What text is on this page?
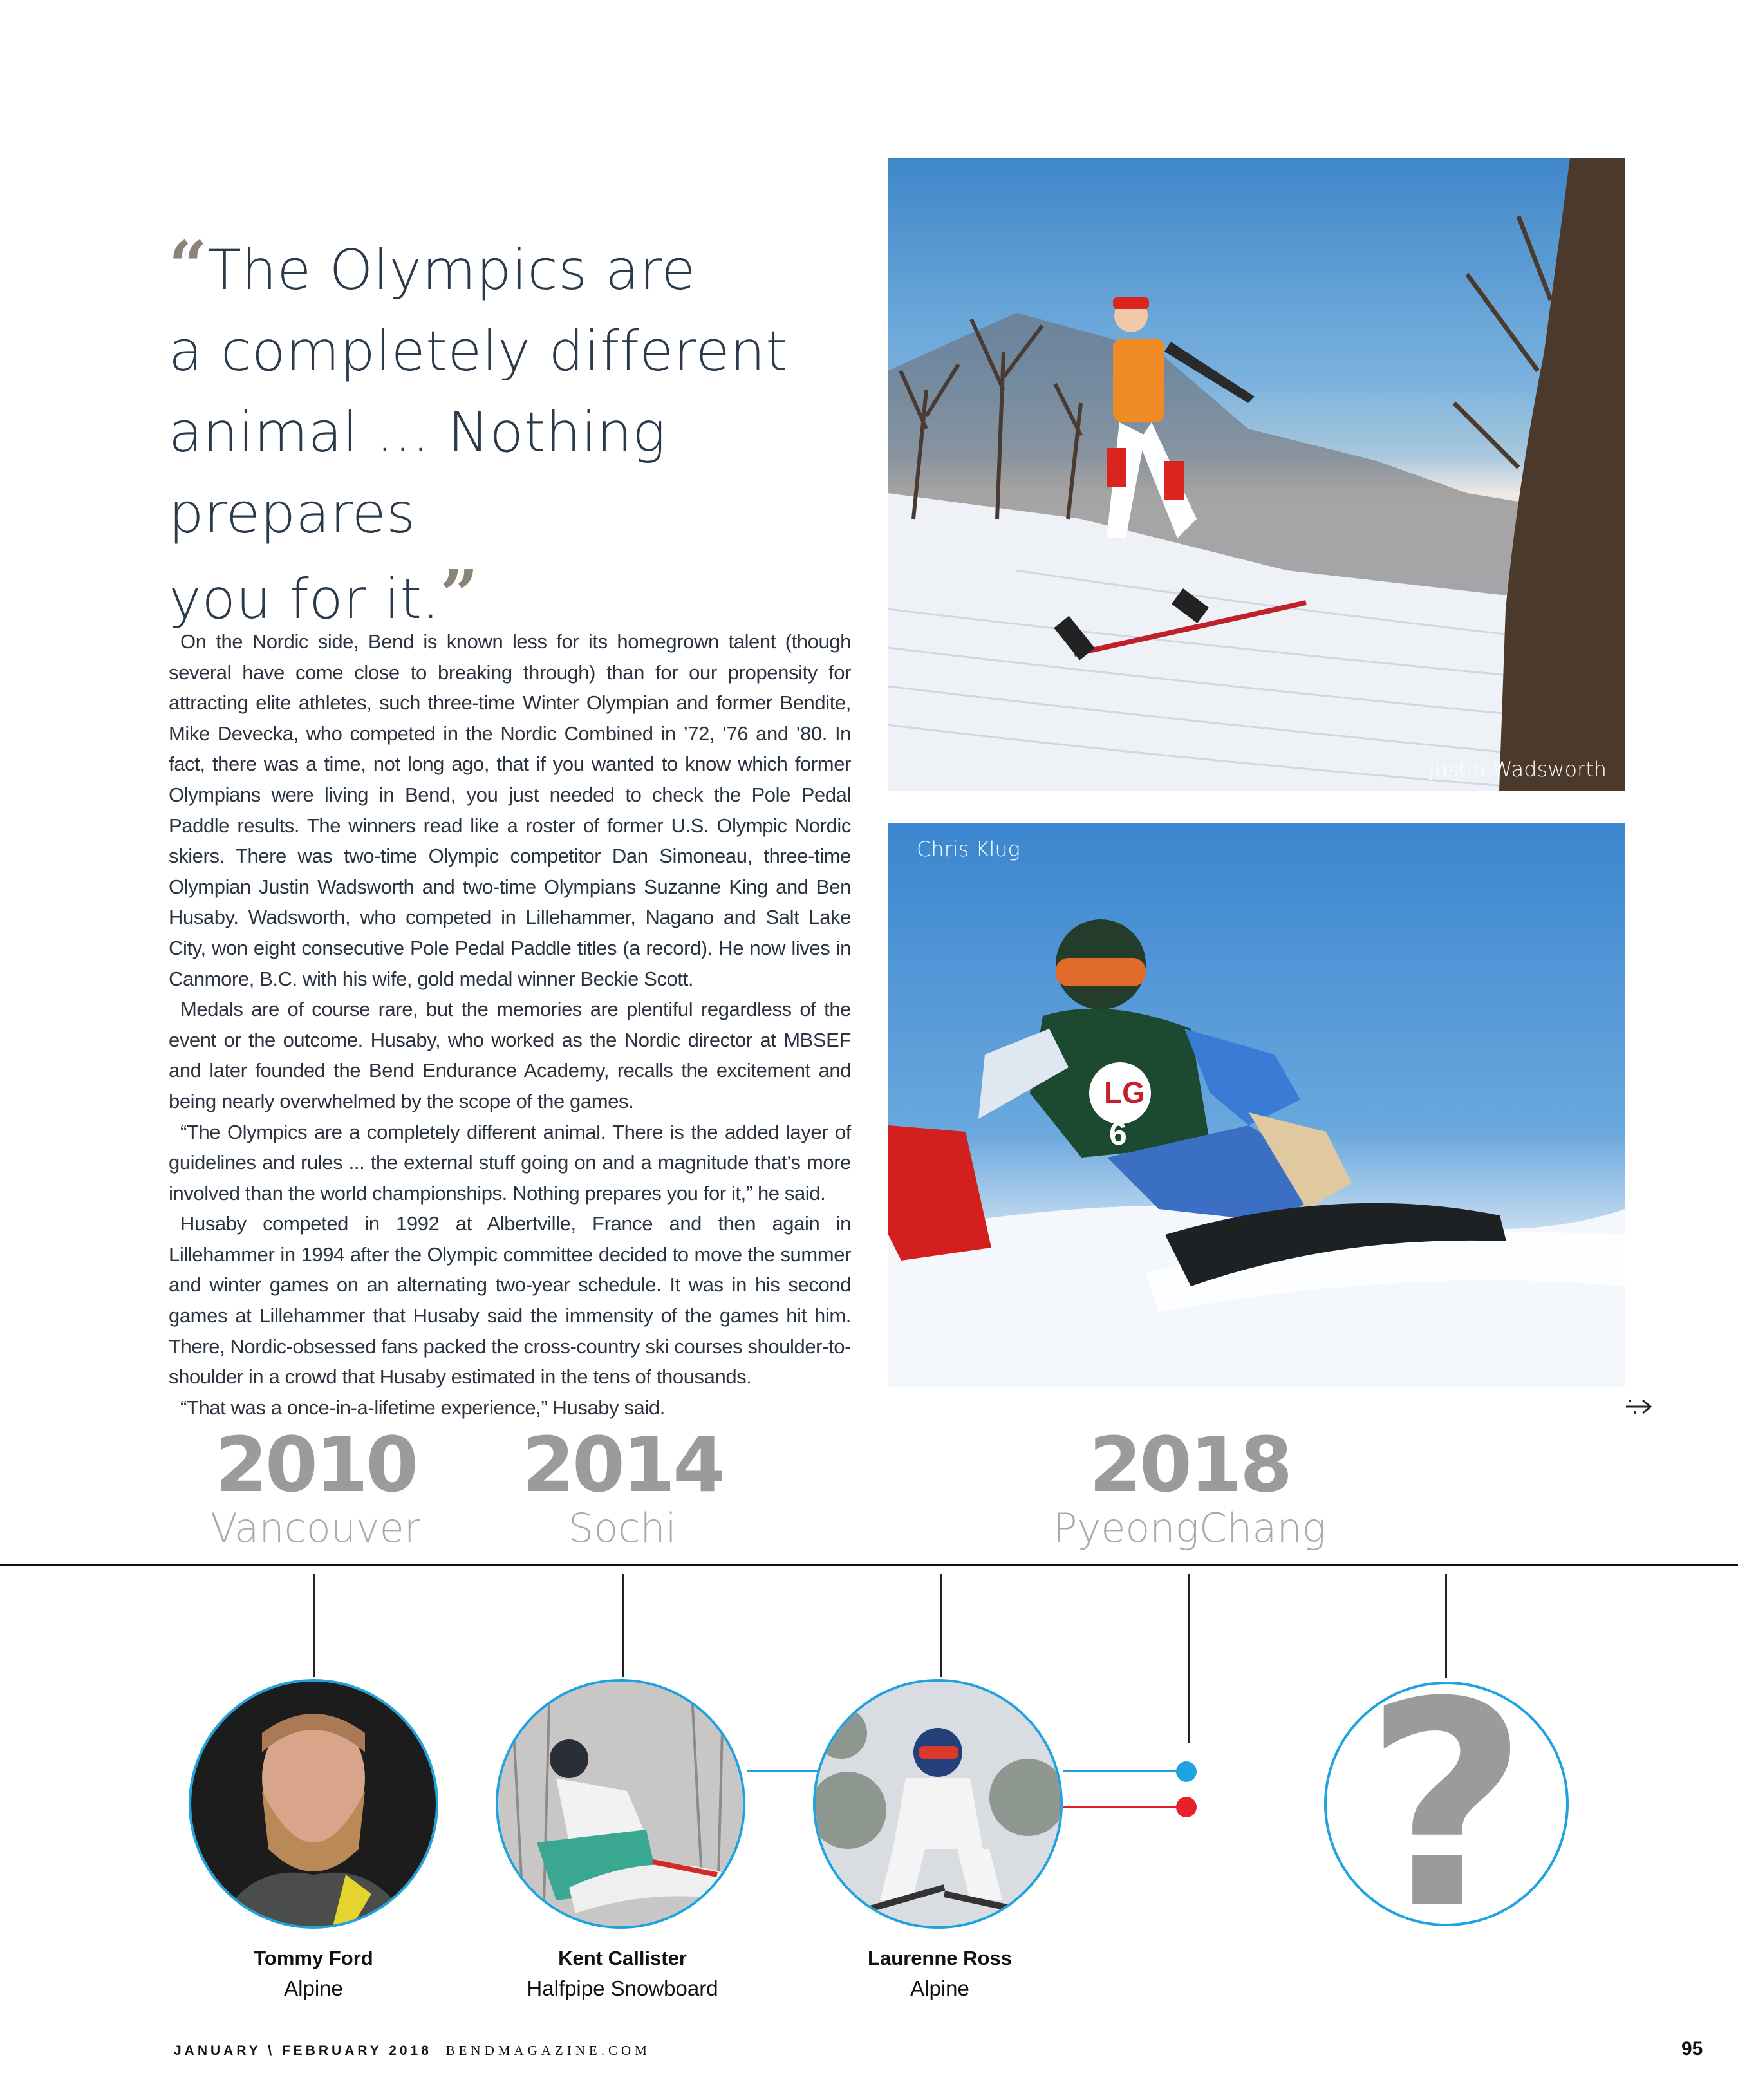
“The Olympics are
a completely different
animal ... Nothing prepares
you for it.”

On the Nordic side, Bend is known less for its homegrown talent (though several have come close to breaking through) than for our propensity for attracting elite athletes, such three-time Winter Olympian and former Bendite, Mike Devecka, who competed in the Nordic Combined in ’72, ’76 and ’80. In fact, there was a time, not long ago, that if you wanted to know which former Olympians were living in Bend, you just needed to check the Pole Pedal Paddle results. The winners read like a roster of former U.S. Olympic Nordic skiers. There was two-time Olympic competitor Dan Simoneau, three-time Olympian Justin Wadsworth and two-time Olympians Suzanne King and Ben Husaby. Wadsworth, who competed in Lillehammer, Nagano and Salt Lake City, won eight consecutive Pole Pedal Paddle titles (a record). He now lives in Canmore, B.C. with his wife, gold medal winner Beckie Scott.

Medals are of course rare, but the memories are plentiful regardless of the event or the outcome. Husaby, who worked as the Nordic director at MBSEF and later founded the Bend Endurance Academy, recalls the excitement and being nearly overwhelmed by the scope of the games.

“The Olympics are a completely different animal. There is the added layer of guidelines and rules ... the external stuff going on and a magnitude that’s more involved than the world championships. Nothing prepares you for it,” he said.

Husaby competed in 1992 at Albertville, France and then again in Lillehammer in 1994 after the Olympic committee decided to move the summer and winter games on an alternating two-year schedule. It was in his second games at Lillehammer that Husaby said the immensity of the games hit him. There, Nordic-obsessed fans packed the cross-country ski courses shoulder-to-shoulder in a crowd that Husaby estimated in the tens of thousands.

“That was a once-in-a-lifetime experience,” Husaby said.

Justin Wadsworth
LG
6
Chris Klug
2010
Vancouver
2014
Sochi
2018
PyeongChang
?
Tommy Ford
Alpine
Kent Callister
Halfpipe Snowboard
Laurenne Ross
Alpine
JANUARY \ FEBRUARY 2018 BENDMAGAZINE.COM	95
